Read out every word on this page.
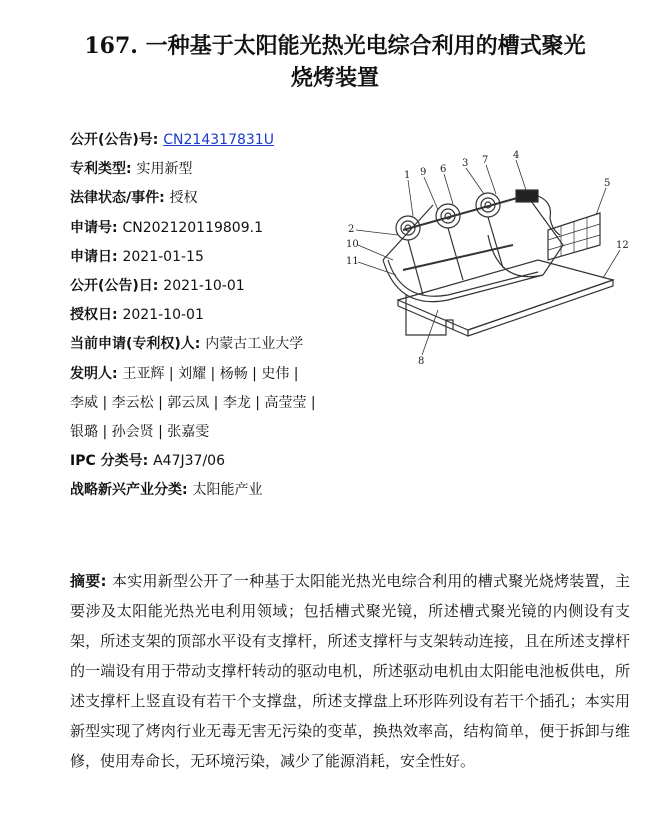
167. 一种基于太阳能光热光电综合利用的槽式聚光
烧烤装置
公开(公告)号: CN214317831U
专利类型: 实用新型
法律状态/事件: 授权
申请号: CN202120119809.1
申请日: 2021-01-15
公开(公告)日: 2021-10-01
授权日: 2021-10-01
当前申请(专利权)人: 内蒙古工业大学
发明人: 王亚辉 | 刘耀 | 杨畅 | 史伟 |
李威 | 李云松 | 郭云凤 | 李龙 | 高莹莹 |
银璐 | 孙会贤 | 张嘉雯
IPC 分类号: A47J37/06
战略新兴产业分类: 太阳能产业
1 9 6
3 7 4
5
2
10
11
12
8
摘要: 本实用新型公开了一种基于太阳能光热光电综合利用的槽式聚光烧烤装置，主要涉及太阳能光热光电利用领域；包括槽式聚光镜，所述槽式聚光镜的内侧设有支架，所述支架的顶部水平设有支撑杆，所述支撑杆与支架转动连接，且在所述支撑杆的一端设有用于带动支撑杆转动的驱动电机，所述驱动电机由太阳能电池板供电，所述支撑杆上竖直设有若干个支撑盘，所述支撑盘上环形阵列设有若干个插孔；本实用新型实现了烤肉行业无毒无害无污染的变革，换热效率高，结构简单，便于拆卸与维修，使用寿命长，无环境污染，减少了能源消耗，安全性好。
